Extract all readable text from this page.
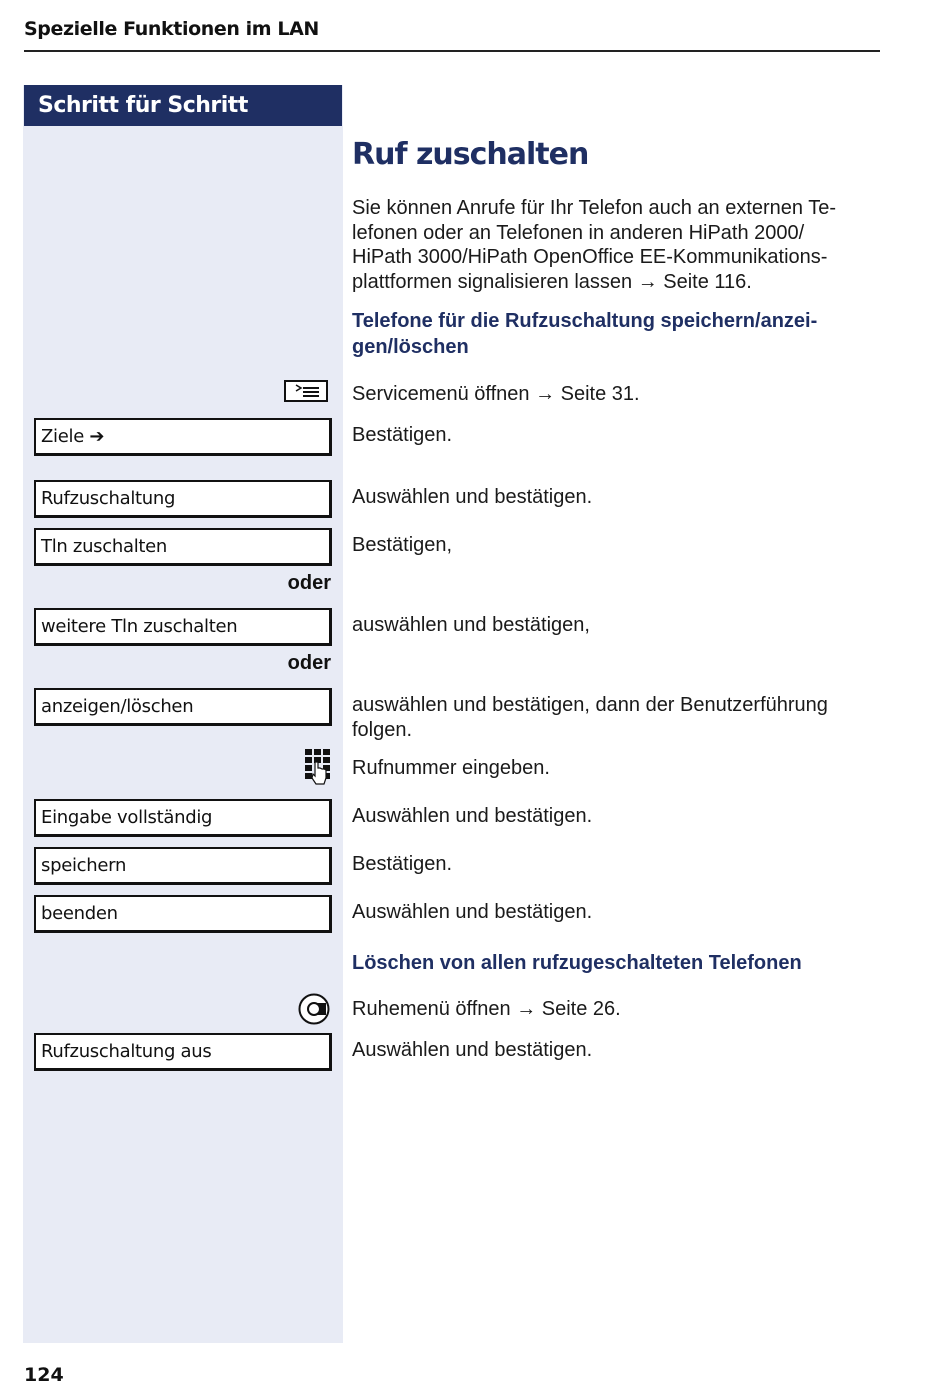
Spezielle Funktionen im LAN
Schritt für Schritt
Ruf zuschalten
Sie können Anrufe für Ihr Telefon auch an externen Te-
lefonen oder an Telefonen in anderen HiPath 2000/
HiPath 3000/HiPath OpenOffice EE-Kommunikations-
plattformen signalisieren lassen → Seite 116.
Telefone für die Rufzuschaltung speichern/anzei-
gen/löschen
Servicemenü öffnen → Seite 31.
Ziele ➔	Bestätigen.
Rufzuschaltung	Auswählen und bestätigen.
Tln zuschalten	Bestätigen,
oder
weitere Tln zuschalten	auswählen und bestätigen,
oder
anzeigen/löschen	auswählen und bestätigen, dann der Benutzerführung
folgen.
Rufnummer eingeben.
Eingabe vollständig	Auswählen und bestätigen.
speichern	Bestätigen.
beenden	Auswählen und bestätigen.
Löschen von allen rufzugeschalteten Telefonen
Ruhemenü öffnen → Seite 26.
Rufzuschaltung aus	Auswählen und bestätigen.
124
